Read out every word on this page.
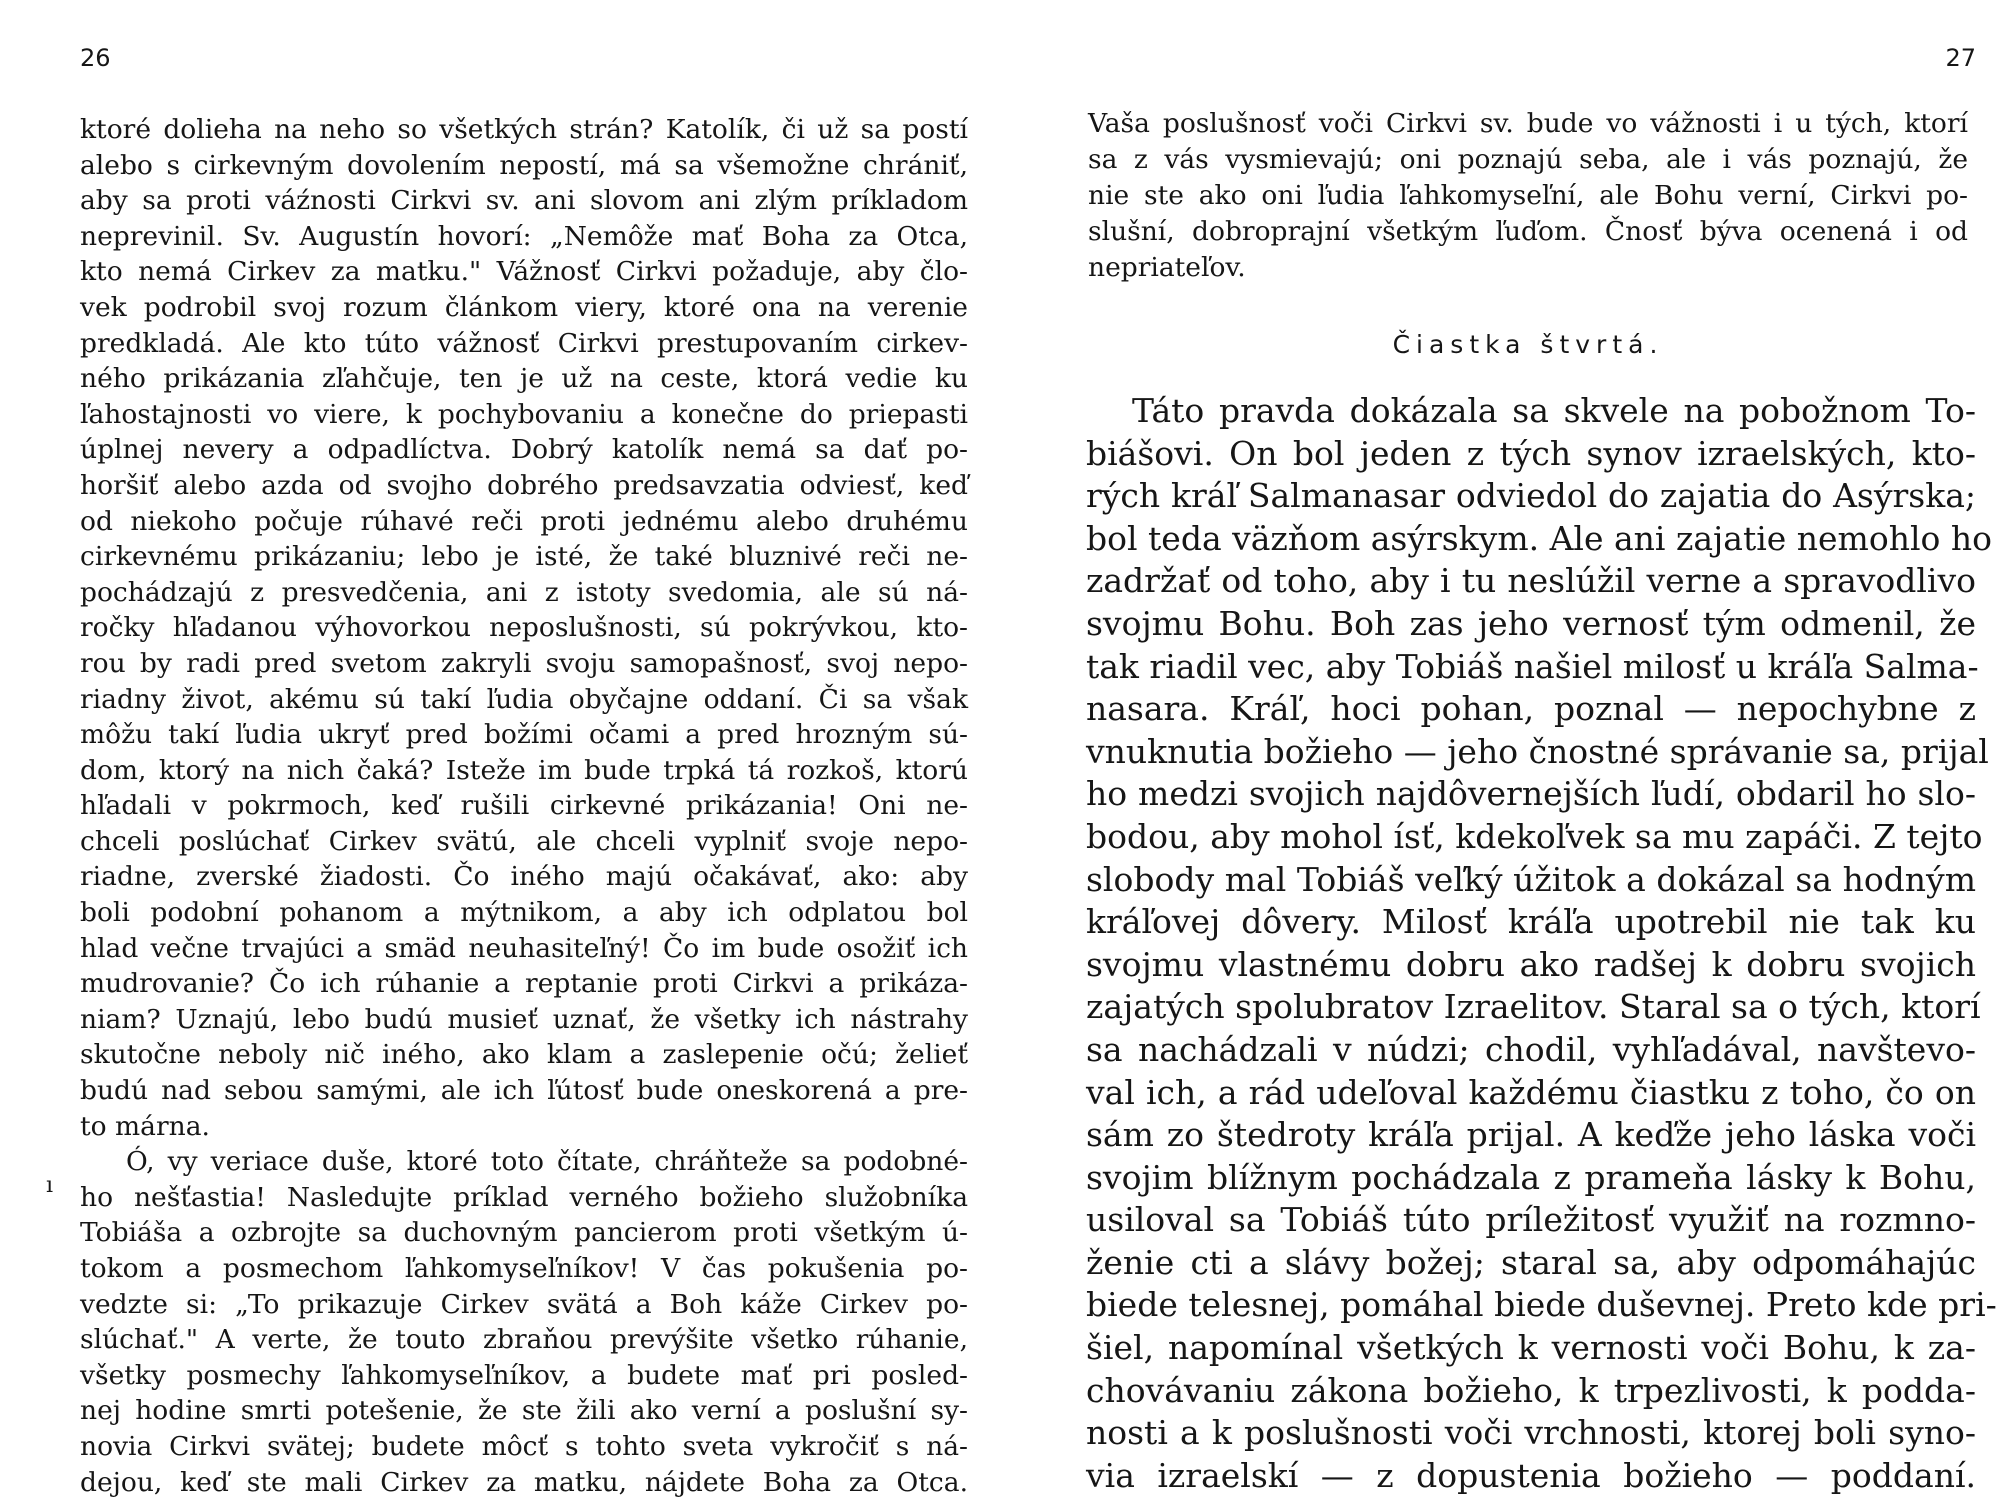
26
ı
ktoré dolieha na neho so všetkých strán? Katolík, či už sa postí
alebo s cirkevným dovolením nepostí, má sa všemožne chrániť,
aby sa proti váźnosti Cirkvi sv. ani slovom ani zlým príkladom
neprevinil. Sv. Augustín hovorí: „Nemôže mať Boha za Otca,
kto nemá Cirkev za matku." Vážnosť Cirkvi požaduje, aby člo-
vek podrobil svoj rozum článkom viery, ktoré ona na verenie
predkladá. Ale kto túto vážnosť Cirkvi prestupovaním cirkev-
ného prikázania zľahčuje, ten je už na ceste, ktorá vedie ku
ľahostajnosti vo viere, k pochybovaniu a konečne do priepasti
úplnej nevery a odpadlíctva. Dobrý katolík nemá sa dať po-
horšiť alebo azda od svojho dobrého predsavzatia odviesť, keď
od niekoho počuje rúhavé reči proti jednému alebo druhému
cirkevnému prikázaniu; lebo je isté, že také bluznivé reči ne-
pochádzajú z presvedčenia, ani z istoty svedomia, ale sú ná-
ročky hľadanou výhovorkou neposlušnosti, sú pokrývkou, kto-
rou by radi pred svetom zakryli svoju samopašnosť, svoj nepo-
riadny život, akému sú takí ľudia obyčajne oddaní. Či sa však
môžu takí ľudia ukryť pred božími očami a pred hrozným sú-
dom, ktorý na nich čaká? Isteže im bude trpká tá rozkoš, ktorú
hľadali v pokrmoch, keď rušili cirkevné prikázania! Oni ne-
chceli poslúchať Cirkev svätú, ale chceli vyplniť svoje nepo-
riadne, zverské žiadosti. Čo iného majú očakávať, ako: aby
boli podobní pohanom a mýtnikom, a aby ich odplatou bol
hlad večne trvajúci a smäd neuhasiteľný! Čo im bude osožiť ich
mudrovanie? Čo ich rúhanie a reptanie proti Cirkvi a prikáza-
niam? Uznajú, lebo budú musieť uznať, že všetky ich nástrahy
skutočne neboly nič iného, ako klam a zaslepenie očú; želieť
budú nad sebou samými, ale ich ľútosť bude oneskorená a pre-
to márna.
Ó, vy veriace duše, ktoré toto čítate, chráňteže sa podobné-
ho nešťastia! Nasledujte príklad verného božieho služobníka
Tobiáša a ozbrojte sa duchovným pancierom proti všetkým ú-
tokom a posmechom ľahkomyseľníkov! V čas pokušenia po-
vedzte si: „To prikazuje Cirkev svätá a Boh káže Cirkev po-
slúchať." A verte, že touto zbraňou prevýšite všetko rúhanie,
všetky posmechy ľahkomyseľníkov, a budete mať pri posled-
nej hodine smrti potešenie, že ste žili ako verní a poslušní sy-
novia Cirkvi svätej; budete môcť s tohto sveta vykročiť s ná-
dejou, keď ste mali Cirkev za matku, nájdete Boha za Otca.
27
Vaša poslušnosť voči Cirkvi sv. bude vo vážnosti i u tých, ktorí
sa z vás vysmievajú; oni poznajú seba, ale i vás poznajú, že
nie ste ako oni ľudia ľahkomyseľní, ale Bohu verní, Cirkvi po-
slušní, dobroprajní všetkým ľuďom. Čnosť býva ocenená i od
nepriateľov.
Čiastka štvrtá.
Táto pravda dokázala sa skvele na pobožnom To-
biášovi. On bol jeden z tých synov izraelských, kto-
rých kráľ Salmanasar odviedol do zajatia do Asýrska;
bol teda väzňom asýrskym. Ale ani zajatie nemohlo ho
zadržať od toho, aby i tu neslúžil verne a spravodlivo
svojmu Bohu. Boh zas jeho vernosť tým odmenil, že
tak riadil vec, aby Tobiáš našiel milosť u kráľa Salma-
nasara. Kráľ, hoci pohan, poznal — nepochybne z
vnuknutia božieho — jeho čnostné správanie sa, prijal
ho medzi svojich najdôvernejších ľudí, obdaril ho slo-
bodou, aby mohol ísť, kdekoľvek sa mu zapáči. Z tejto
slobody mal Tobiáš veľký úžitok a dokázal sa hodným
kráľovej dôvery. Milosť kráľa upotrebil nie tak ku
svojmu vlastnému dobru ako radšej k dobru svojich
zajatých spolubratov Izraelitov. Staral sa o tých, ktorí
sa nachádzali v núdzi; chodil, vyhľadával, navštevo-
val ich, a rád udeľoval každému čiastku z toho, čo on
sám zo štedroty kráľa prijal. A keďže jeho láska voči
svojim blížnym pochádzala z prameňa lásky k Bohu,
usiloval sa Tobiáš túto príležitosť využiť na rozmno-
ženie cti a slávy božej; staral sa, aby odpomáhajúc
biede telesnej, pomáhal biede duševnej. Preto kde pri-
šiel, napomínal všetkých k vernosti voči Bohu, k za-
chovávaniu zákona božieho, k trpezlivosti, k podda-
nosti a k poslušnosti voči vrchnosti, ktorej boli syno-
via izraelskí — z dopustenia božieho — poddaní.
